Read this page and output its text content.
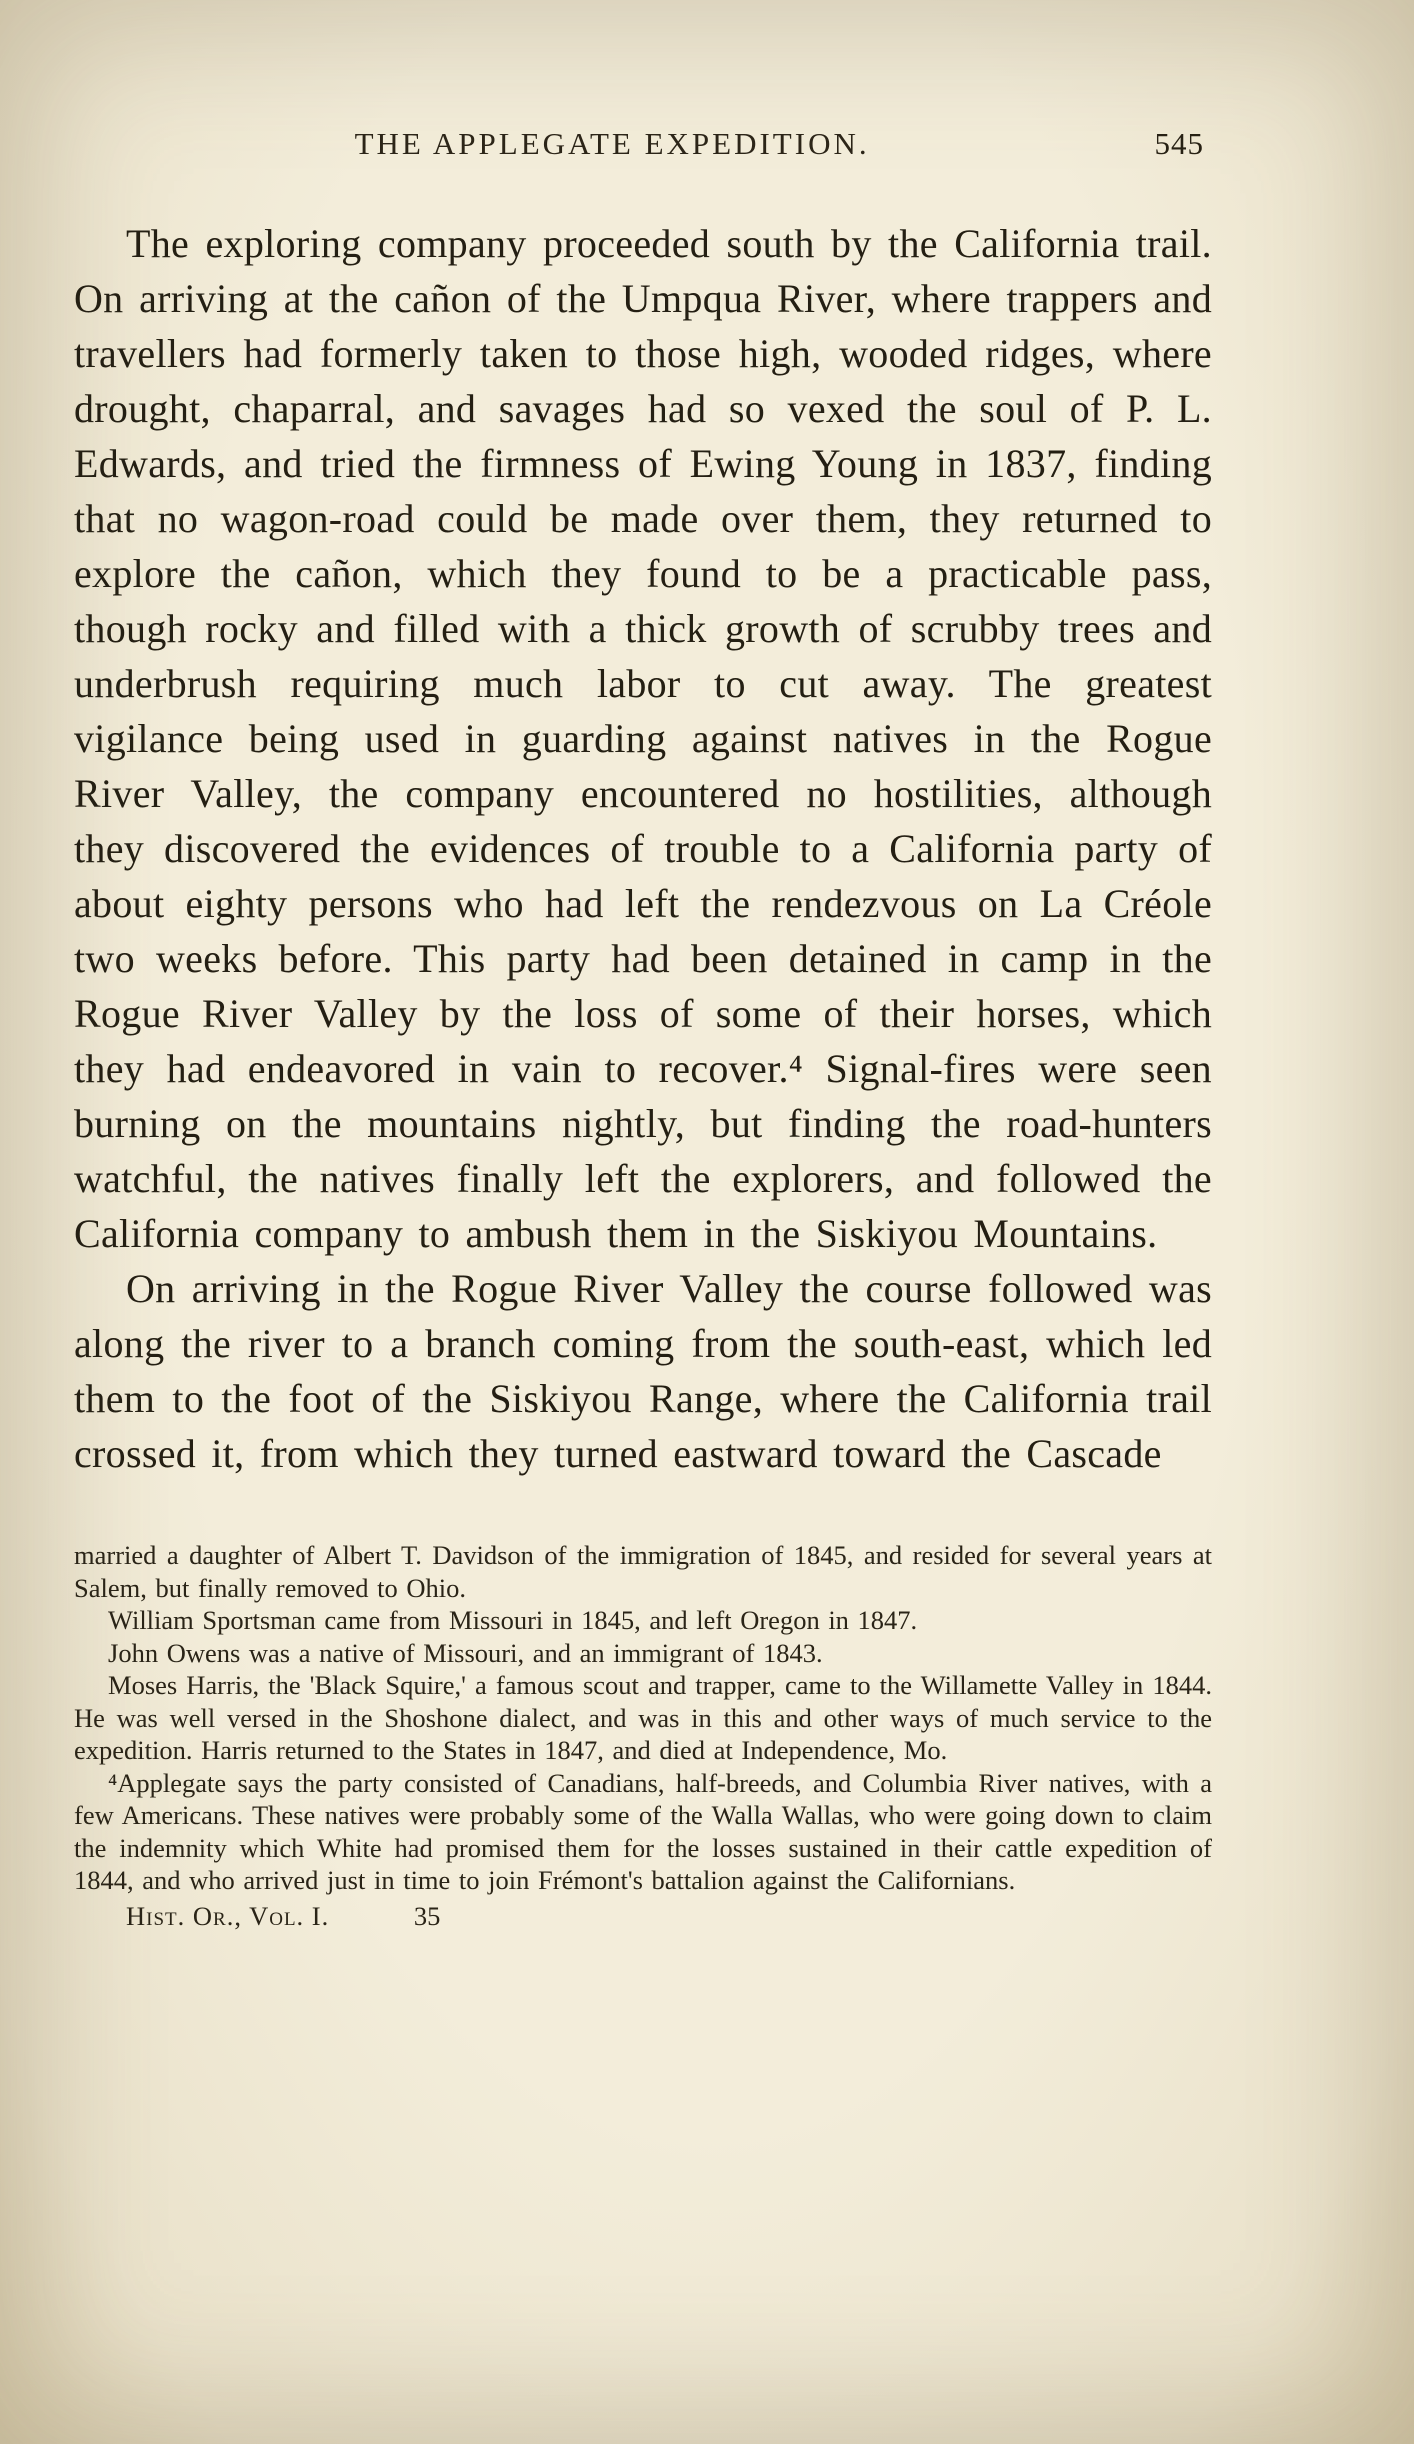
THE APPLEGATE EXPEDITION.	545

The exploring company proceeded south by the California trail. On arriving at the cañon of the Umpqua River, where trappers and travellers had formerly taken to those high, wooded ridges, where drought, chaparral, and savages had so vexed the soul of P. L. Edwards, and tried the firmness of Ewing Young in 1837, finding that no wagon-road could be made over them, they returned to explore the cañon, which they found to be a practicable pass, though rocky and filled with a thick growth of scrubby trees and underbrush requiring much labor to cut away. The greatest vigilance being used in guarding against natives in the Rogue River Valley, the company encountered no hostilities, although they discovered the evidences of trouble to a California party of about eighty persons who had left the rendezvous on La Créole two weeks before. This party had been detained in camp in the Rogue River Valley by the loss of some of their horses, which they had endeavored in vain to recover.⁴ Signal-fires were seen burning on the mountains nightly, but finding the road-hunters watchful, the natives finally left the explorers, and followed the California company to ambush them in the Siskiyou Mountains.

On arriving in the Rogue River Valley the course followed was along the river to a branch coming from the south-east, which led them to the foot of the Siskiyou Range, where the California trail crossed it, from which they turned eastward toward the Cascade

married a daughter of Albert T. Davidson of the immigration of 1845, and resided for several years at Salem, but finally removed to Ohio.

William Sportsman came from Missouri in 1845, and left Oregon in 1847.

John Owens was a native of Missouri, and an immigrant of 1843.

Moses Harris, the 'Black Squire,' a famous scout and trapper, came to the Willamette Valley in 1844. He was well versed in the Shoshone dialect, and was in this and other ways of much service to the expedition. Harris returned to the States in 1847, and died at Independence, Mo.

⁴Applegate says the party consisted of Canadians, half-breeds, and Columbia River natives, with a few Americans. These natives were probably some of the Walla Wallas, who were going down to claim the indemnity which White had promised them for the losses sustained in their cattle expedition of 1844, and who arrived just in time to join Frémont's battalion against the Californians.

Hist. Or., Vol. I.	35
